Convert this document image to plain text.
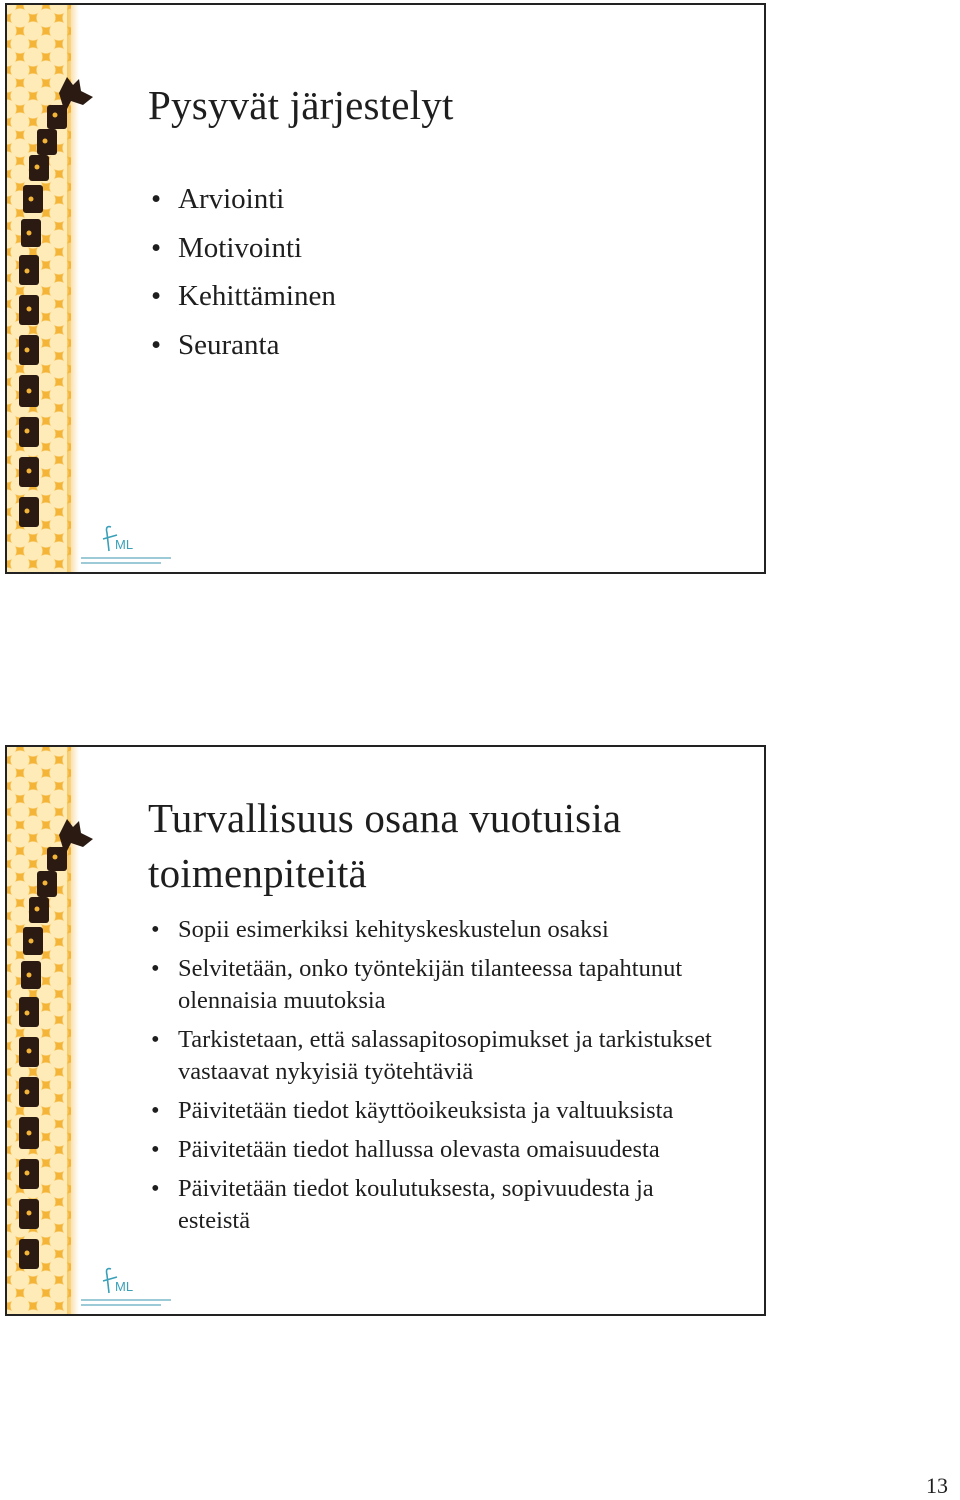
ML
Pysyvät järjestelyt
• Arviointi
• Motivointi
• Kehittäminen
• Seuranta
ML
Turvallisuus osana vuotuisia toimenpiteitä
• Sopii esimerkiksi kehityskeskustelun osaksi
• Selvitetään, onko työntekijän tilanteessa tapahtunut olennaisia muutoksia
• Tarkistetaan, että salassapitosopimukset ja tarkistukset vastaavat nykyisiä työtehtäviä
• Päivitetään tiedot käyttöoikeuksista ja valtuuksista
• Päivitetään tiedot hallussa olevasta omaisuudesta
• Päivitetään tiedot koulutuksesta, sopivuudesta ja esteistä
13
